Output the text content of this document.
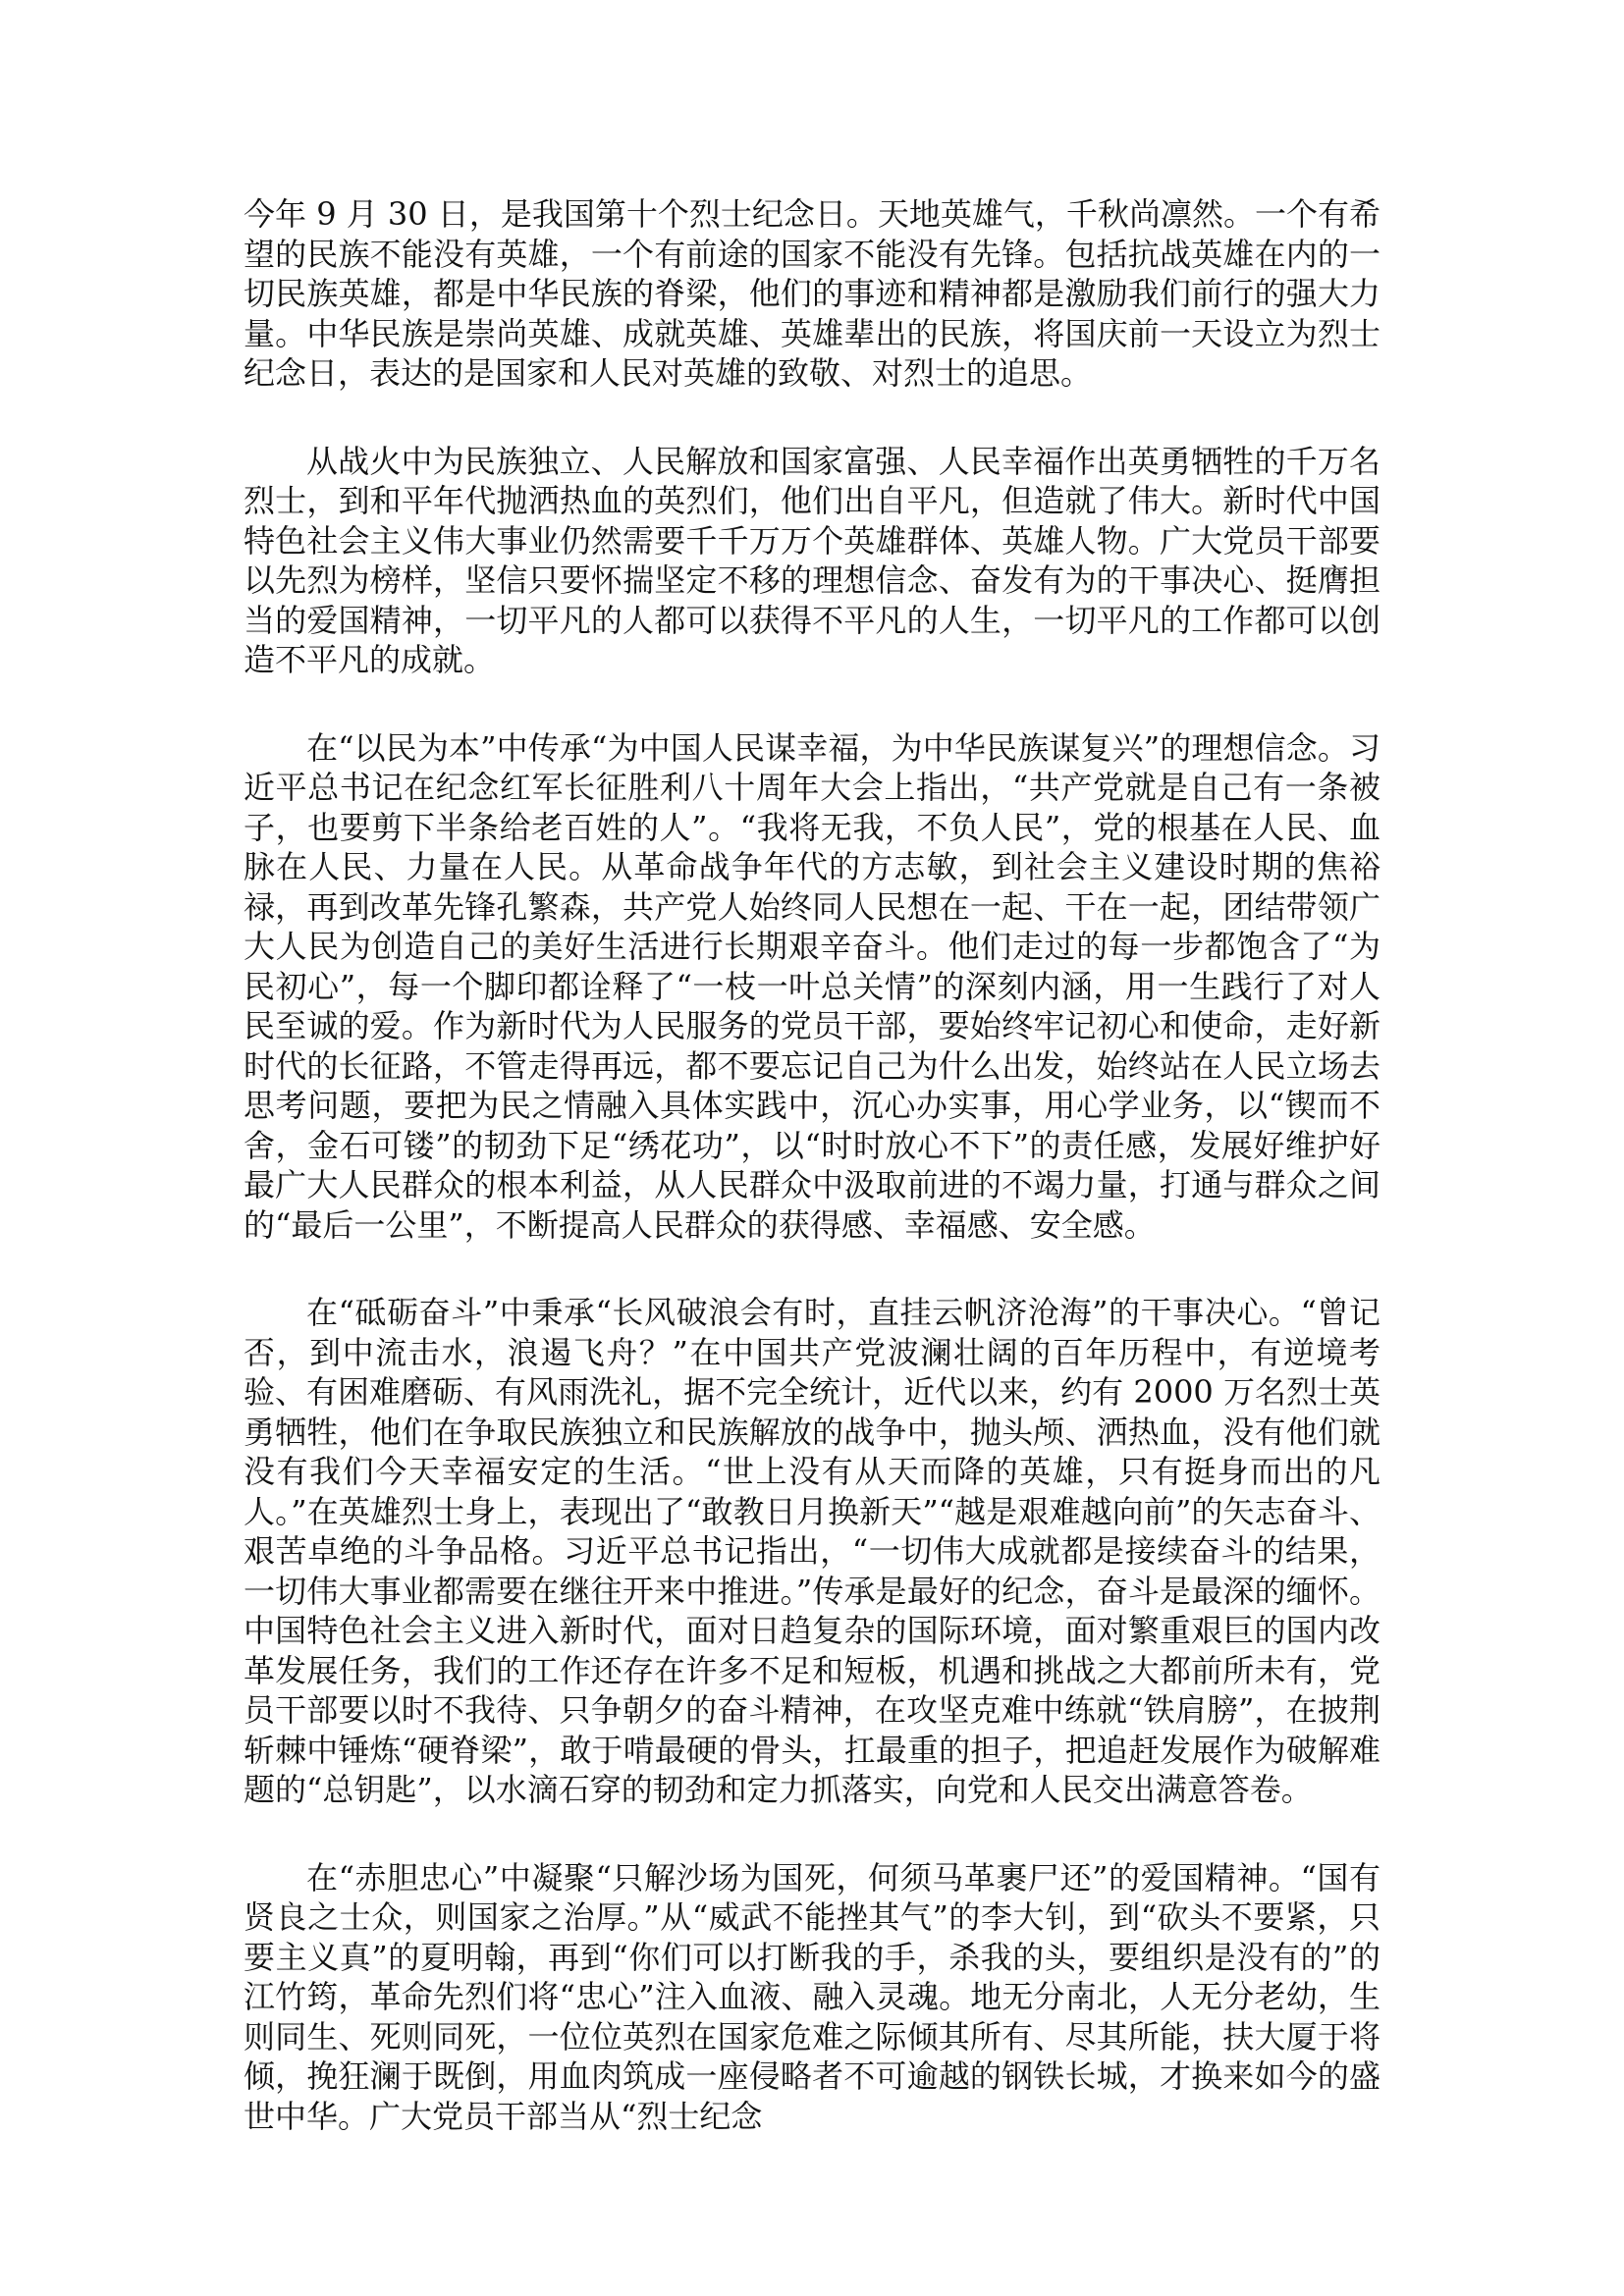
今年 9 月 30 日，是我国第十个烈士纪念日。天地英雄气，千秋尚凛然。一个有希望的民族不能没有英雄，一个有前途的国家不能没有先锋。包括抗战英雄在内的一切民族英雄，都是中华民族的脊梁，他们的事迹和精神都是激励我们前行的强大力量。中华民族是崇尚英雄、成就英雄、英雄辈出的民族，将国庆前一天设立为烈士纪念日，表达的是国家和人民对英雄的致敬、对烈士的追思。

从战火中为民族独立、人民解放和国家富强、人民幸福作出英勇牺牲的千万名烈士，到和平年代抛洒热血的英烈们，他们出自平凡，但造就了伟大。新时代中国特色社会主义伟大事业仍然需要千千万万个英雄群体、英雄人物。广大党员干部要以先烈为榜样，坚信只要怀揣坚定不移的理想信念、奋发有为的干事决心、挺膺担当的爱国精神，一切平凡的人都可以获得不平凡的人生，一切平凡的工作都可以创造不平凡的成就。

在“以民为本”中传承“为中国人民谋幸福，为中华民族谋复兴”的理想信念。习近平总书记在纪念红军长征胜利八十周年大会上指出，“共产党就是自己有一条被子，也要剪下半条给老百姓的人”。“我将无我，不负人民”，党的根基在人民、血脉在人民、力量在人民。从革命战争年代的方志敏，到社会主义建设时期的焦裕禄，再到改革先锋孔繁森，共产党人始终同人民想在一起、干在一起，团结带领广大人民为创造自己的美好生活进行长期艰辛奋斗。他们走过的每一步都饱含了“为民初心”，每一个脚印都诠释了“一枝一叶总关情”的深刻内涵，用一生践行了对人民至诚的爱。作为新时代为人民服务的党员干部，要始终牢记初心和使命，走好新时代的长征路，不管走得再远，都不要忘记自己为什么出发，始终站在人民立场去思考问题，要把为民之情融入具体实践中，沉心办实事，用心学业务，以“锲而不舍，金石可镂”的韧劲下足“绣花功”，以“时时放心不下”的责任感，发展好维护好最广大人民群众的根本利益，从人民群众中汲取前进的不竭力量，打通与群众之间的“最后一公里”，不断提高人民群众的获得感、幸福感、安全感。

在“砥砺奋斗”中秉承“长风破浪会有时，直挂云帆济沧海”的干事决心。“曾记否，到中流击水，浪遏飞舟？”在中国共产党波澜壮阔的百年历程中，有逆境考验、有困难磨砺、有风雨洗礼，据不完全统计，近代以来，约有 2000 万名烈士英勇牺牲，他们在争取民族独立和民族解放的战争中，抛头颅、洒热血，没有他们就没有我们今天幸福安定的生活。“世上没有从天而降的英雄，只有挺身而出的凡人。”在英雄烈士身上，表现出了“敢教日月换新天”“越是艰难越向前”的矢志奋斗、艰苦卓绝的斗争品格。习近平总书记指出，“一切伟大成就都是接续奋斗的结果，一切伟大事业都需要在继往开来中推进。”传承是最好的纪念，奋斗是最深的缅怀。中国特色社会主义进入新时代，面对日趋复杂的国际环境，面对繁重艰巨的国内改革发展任务，我们的工作还存在许多不足和短板，机遇和挑战之大都前所未有，党员干部要以时不我待、只争朝夕的奋斗精神，在攻坚克难中练就“铁肩膀”，在披荆斩棘中锤炼“硬脊梁”，敢于啃最硬的骨头，扛最重的担子，把追赶发展作为破解难题的“总钥匙”，以水滴石穿的韧劲和定力抓落实，向党和人民交出满意答卷。

在“赤胆忠心”中凝聚“只解沙场为国死，何须马革裹尸还”的爱国精神。“国有贤良之士众，则国家之治厚。”从“威武不能挫其气”的李大钊，到“砍头不要紧，只要主义真”的夏明翰，再到“你们可以打断我的手，杀我的头，要组织是没有的”的江竹筠，革命先烈们将“忠心”注入血液、融入灵魂。地无分南北，人无分老幼，生则同生、死则同死，一位位英烈在国家危难之际倾其所有、尽其所能，扶大厦于将倾，挽狂澜于既倒，用血肉筑成一座侵略者不可逾越的钢铁长城，才换来如今的盛世中华。广大党员干部当从“烈士纪念
